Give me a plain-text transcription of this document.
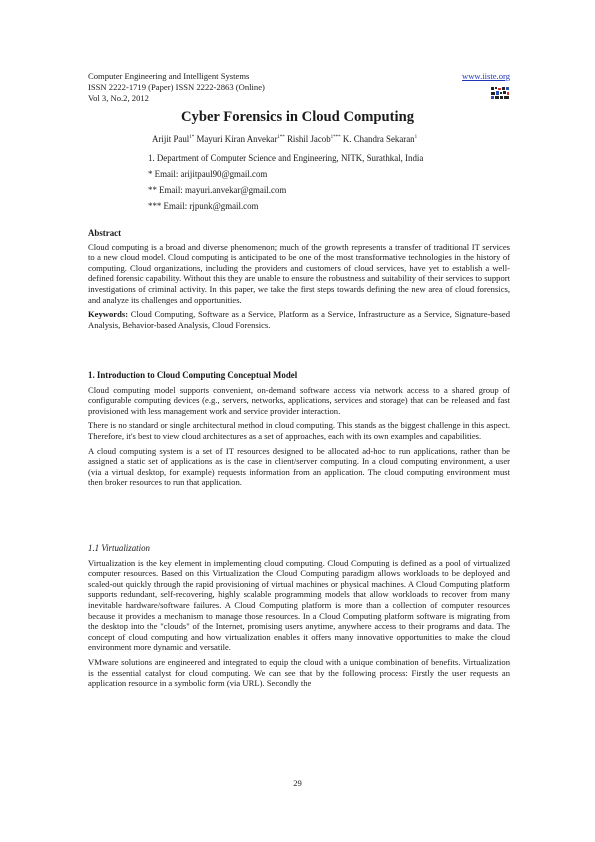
Computer Engineering and Intelligent Systems
ISSN 2222-1719 (Paper) ISSN 2222-2863 (Online)
Vol 3, No.2, 2012
www.iiste.org
Cyber Forensics in Cloud Computing
Arijit Paul$^{1*}$ Mayuri Kiran Anvekar$^{1**}$ Rishil Jacob$^{1***}$ K. Chandra Sekaran$^1$
1. Department of Computer Science and Engineering, NITK, Surathkal, India
* Email: arijitpaul90@gmail.com
** Email: mayuri.anvekar@gmail.com
*** Email: rjpunk@gmail.com
Abstract

Cloud computing is a broad and diverse phenomenon; much of the growth represents a transfer of traditional IT services to a new cloud model. Cloud computing is anticipated to be one of the most transformative technologies in the history of computing. Cloud organizations, including the providers and customers of cloud services, have yet to establish a well-defined forensic capability. Without this they are unable to ensure the robustness and suitability of their services to support investigations of criminal activity. In this paper, we take the first steps towards defining the new area of cloud forensics, and analyze its challenges and opportunities.

Keywords: Cloud Computing, Software as a Service, Platform as a Service, Infrastructure as a Service, Signature-based Analysis, Behavior-based Analysis, Cloud Forensics.

1. Introduction to Cloud Computing Conceptual Model

Cloud computing model supports convenient, on-demand software access via network access to a shared group of configurable computing devices (e.g., servers, networks, applications, services and storage) that can be released and fast provisioned with less management work and service provider interaction.

There is no standard or single architectural method in cloud computing. This stands as the biggest challenge in this aspect. Therefore, it's best to view cloud architectures as a set of approaches, each with its own examples and capabilities.

A cloud computing system is a set of IT resources designed to be allocated ad-hoc to run applications, rather than be assigned a static set of applications as is the case in client/server computing. In a cloud computing environment, a user (via a virtual desktop, for example) requests information from an application. The cloud computing environment must then broker resources to run that application.

1.1 Virtualization

Virtualization is the key element in implementing cloud computing. Cloud Computing is defined as a pool of virtualized computer resources. Based on this Virtualization the Cloud Computing paradigm allows workloads to be deployed and scaled-out quickly through the rapid provisioning of virtual machines or physical machines. A Cloud Computing platform supports redundant, self-recovering, highly scalable programming models that allow workloads to recover from many inevitable hardware/software failures. A Cloud Computing platform is more than a collection of computer resources because it provides a mechanism to manage those resources. In a Cloud Computing platform software is migrating from the desktop into the "clouds" of the Internet, promising users anytime, anywhere access to their programs and data. The concept of cloud computing and how virtualization enables it offers many innovative opportunities to make the cloud environment more dynamic and versatile.

VMware solutions are engineered and integrated to equip the cloud with a unique combination of benefits. Virtualization is the essential catalyst for cloud computing. We can see that by the following process: Firstly the user requests an application resource in a symbolic form (via URL). Secondly the

29
